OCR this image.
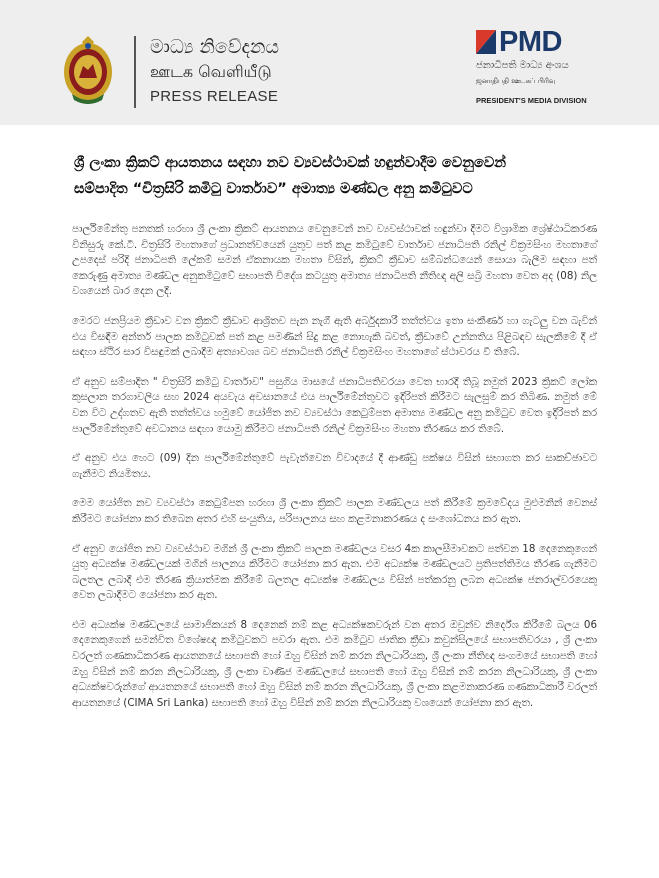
මාධ්‍ය නිවේදනය
ஊடக வெளியீடு
PRESS RELEASE
PMD
ජනාධිපති මාධ්‍ය අංශය
ஜனாதிபதி ஊடகப் பிரிவு
PRESIDENT'S MEDIA DIVISION
ශ්‍රී ලංකා ක්‍රිකට් ආයතනය සඳහා නව ව්‍යවස්ථාවක් හඳුන්වාදීම වෙනුවෙන්
සම්පාදිත “චිත්‍රසිරි කමිටු වාර්තාව” අමාත්‍ය මණ්ඩල අනු කමිටුවට

පාර්ලිමේන්තු පනතක් හරහා ශ්‍රී ලංකා ක්‍රිකට් ආයතනය වෙනුවෙන් නව ව්‍යවස්ථාවක් හඳුන්වා දීමට විශ්‍රාමික ශ්‍රේෂ්ඨාධිකරණ විනිසුරු කේ.ටී. චිත්‍රසිරි මහතාගේ ප්‍රධානත්වයෙන් යුතුව පත් කළ කමිටුවේ වාර්තාව ජනාධිපති රනිල් වික්‍රමසිංහ මහතාගේ උපදෙස් පරිදි ජනාධිපති ලේකම් සමන් ඒකනායක මහතා විසින්, ක්‍රිකට් ක්‍රීඩාව සම්බන්ධයෙන් සොයා බැලීම සඳහා පත් කෙරුණු අමාත්‍ය මණ්ඩල අනුකමිටුවේ සභාපති විදේශ කටයුතු අමාත්‍ය ජනාධිපති නීතිඥ අලි සබ්‍රි මහතා වෙත අද (08) නිල වශයෙන් බාර දෙන ලදී.

මෙරට ජනප්‍රියම ක්‍රීඩාව වන ක්‍රිකට් ක්‍රීඩාව ආශ්‍රිතව පැන නැගී ඇති අර්බුදකාරී තත්ත්වය ඉතා සංකීර්ණ හා ගැටලු වන බැවින් එය විසඳීම අන්තර් පාලක කමිටුවක් පත් කළ පමණින් සිදු කළ නොහැකි බවත්, ක්‍රීඩාවේ උන්නතිය පිළිබඳව සැලකීමේ දී ඒ සඳහා ස්ථිර සාර විසඳුමක් ලබාදීම අත්‍යාවශ්‍ය බව ජනාධිපති රනිල් වික්‍රමසිංහ මහතාගේ ස්ථාවරය වී තිබේ.

ඒ අනුව සම්පාදිත " චිත්‍රසිරි කමිටු වාර්තාව" පසුගිය මාසයේ ජනාධිපතිවරයා වෙත භාරදී තිබූ නමුත් 2023 ක්‍රිකට් ලෝක කුසලාන තරගාවලිය සහ 2024 අයවැය අවසානයේ එය පාර්ලිමේන්තුවට ඉදිරිපත් කිරීමට සැලසුම් කර තිබිණ. නමුත් මේ වන විට උද්ගතව ඇති තත්ත්වය හමුවේ යෝජිත නව ව්‍යවස්ථා කෙටුම්පත අමාත්‍ය මණ්ඩල අනු කමිටුව වෙත ඉදිරිපත් කර පාර්ලිමේන්තුවේ අවධානය සඳහා යොමු කිරීමට ජනාධිපති රනිල් වික්‍රමසිංහ මහතා තීරණය කර තිබේ.

ඒ අනුව එය හෙට (09) දින පාර්ලිමේන්තුවේ පැවැත්වෙන විවාදයේ දී ආණ්ඩු පක්ෂය විසින් සභාගත කර සාකච්ඡාවට ගැනීමට නියමිතය.

මෙම යෝජිත නව ව්‍යවස්ථා කෙටුම්පත හරහා ශ්‍රී ලංකා ක්‍රිකට් පාලක මණ්ඩලය පත් කිරීමේ ක්‍රමවේදය මුළුමනින් වෙනස් කිරීමට යෝජනා කර තිබෙන අතර එහි සංයුතිය, පරිපාලනය සහ කළමනාකරණය ද සංශෝධනය කර ඇත.

ඒ අනුව යෝජිත නව ව්‍යවස්ථාව මගින් ශ්‍රී ලංකා ක්‍රිකට් පාලක මණ්ඩලය වසර 4ක කාලසීමාවකට පත්වන 18 දෙනෙකුගෙන් යුතු අධ්‍යක්ෂ මණ්ඩලයක් මගින් පාලනය කිරීමට යෝජනා කර ඇත. එම අධ්‍යක්ෂ මණ්ඩලයට ප්‍රතිපත්තිමය තීරණ ගැනීමට බලතල ලබාදී එම තීරණ ක්‍රියාත්මක කිරීමේ බලතල අධ්‍යක්ෂ මණ්ඩලය විසින් පත්කරනු ලබන අධ්‍යක්ෂ ජනරාල්වරයෙකු වෙත ලබාදීමට යෝජනා කර ඇත.

එම අධ්‍යක්ෂ මණ්ඩලයේ සාමාජිකයන් 8 දෙනෙක් නම් කළ අධ්‍යක්ෂකවරුන් වන අතර ඔවුන්ව නිර්දේශ කිරීමේ බලය 06 දෙනෙකුගෙන් සමන්විත විශේෂඥ කමිටුවකට පවරා ඇත. එම කමිටුව ජාතික ක්‍රීඩා කවුන්සිලයේ සභාපතිවරයා , ශ්‍රී ලංකා වරලත් ගණකාධිකරණ ආයතනයේ සභාපති හෝ ඔහු විසින් නම් කරන නිලධාරියකු, ශ්‍රී ලංකා නීතිඥ සංගමයේ සභාපති හෝ ඔහු විසින් නම් කරන නිලධාරියකු, ශ්‍රී ලංකා වාණිජ මණ්ඩලයේ සභාපති හෝ ඔහු විසින් නම් කරන නිලධාරියකු, ශ්‍රී ලංකා අධ්‍යක්ෂවරුන්ගේ ආයතනයේ සභාපති හෝ ඔහු විසින් නම් කරන නිලධාරියකු, ශ්‍රී ලංකා කළමනාකරණ ගණකාධිකාරී වරලත් ආයතනයේ (CIMA Sri Lanka) සභාපති හෝ ඔහු විසින් නම් කරන නිලධාරියකු වශයෙන් යෝජනා කර ඇත.
